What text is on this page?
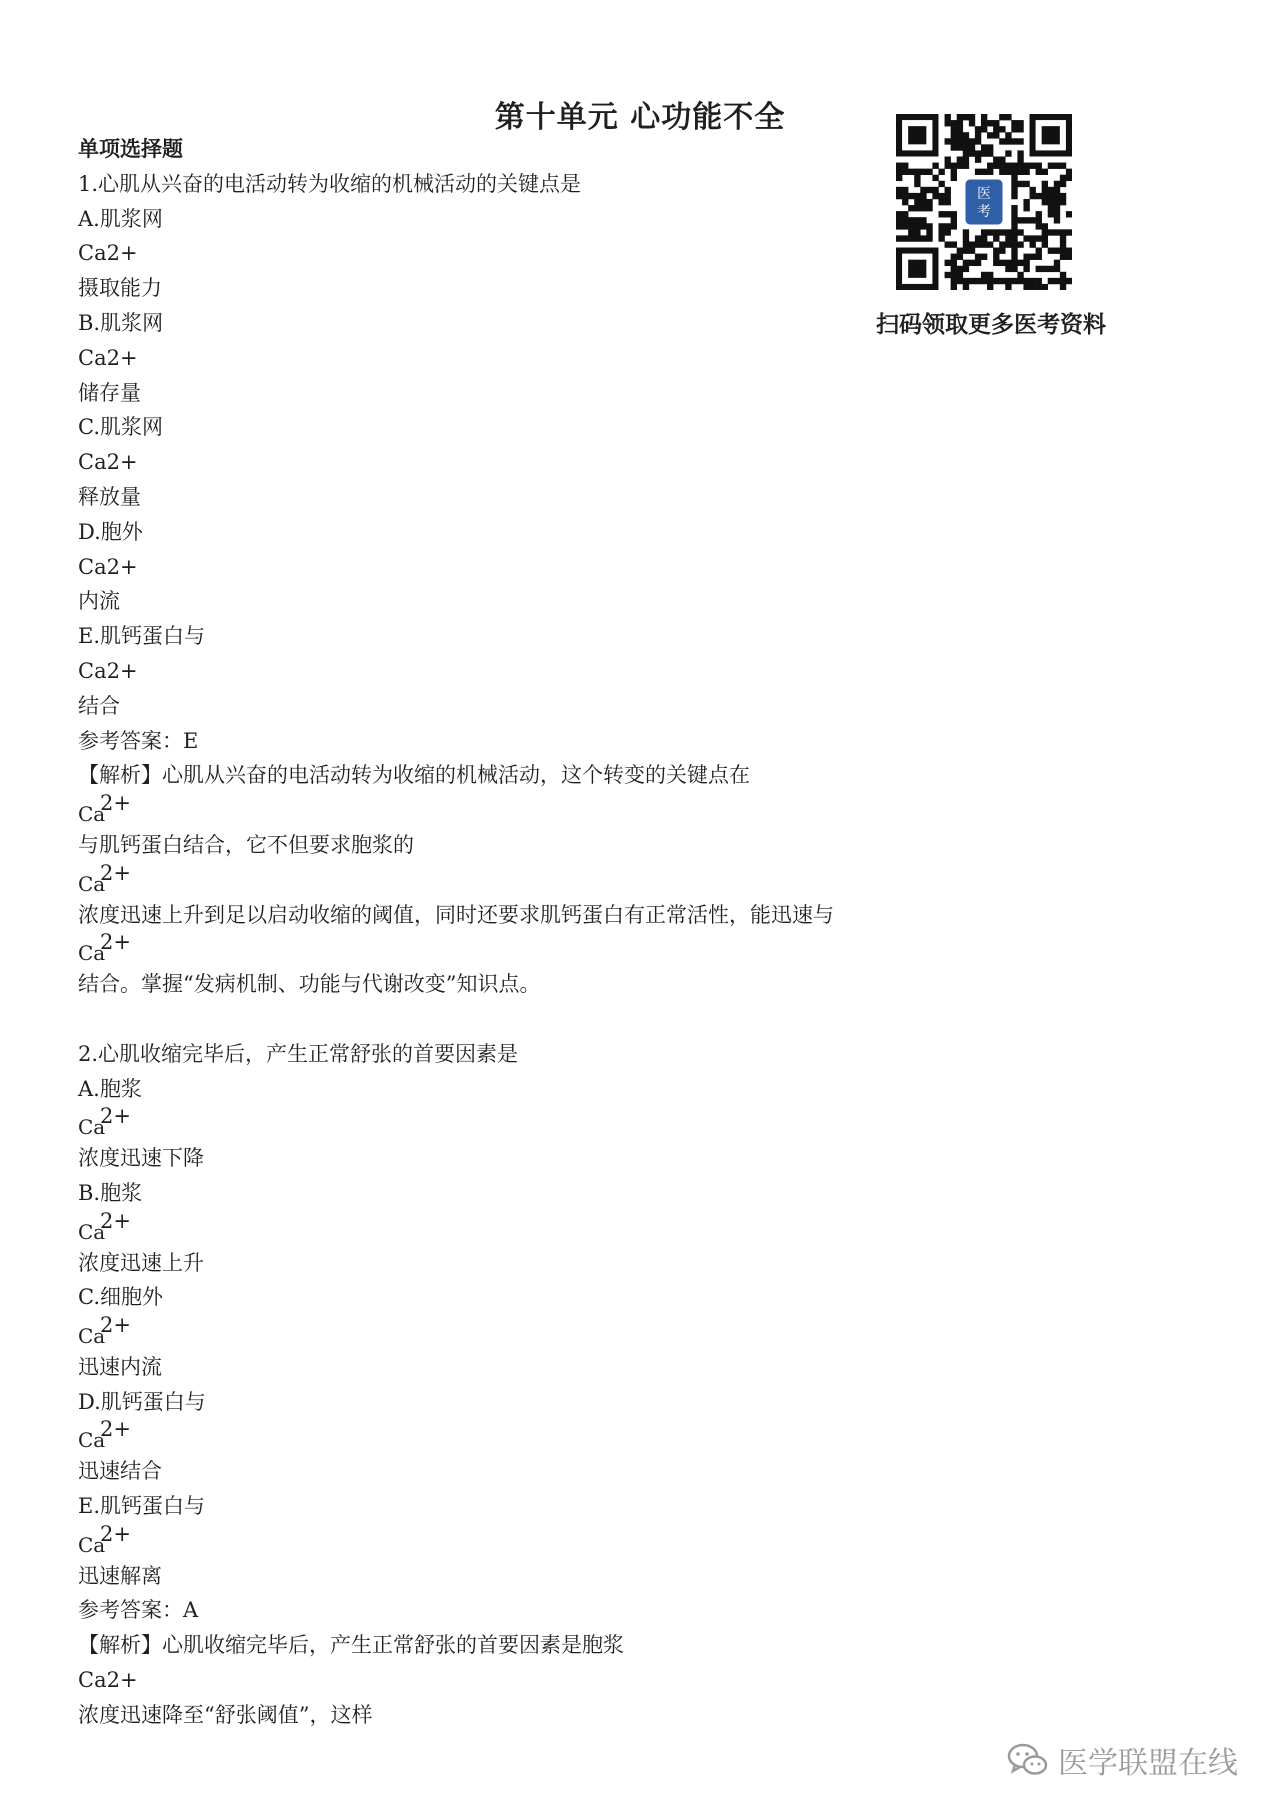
第十单元 心功能不全
医
考
扫码领取更多医考资料
单项选择题
1.心肌从兴奋的电活动转为收缩的机械活动的关键点是
A.肌浆网
Ca2+
摄取能力
B.肌浆网
Ca2+
储存量
C.肌浆网
Ca2+
释放量
D.胞外
Ca2+
内流
E.肌钙蛋白与
Ca2+
结合
参考答案：E
【解析】心肌从兴奋的电活动转为收缩的机械活动，这个转变的关键点在
Ca
2+
与肌钙蛋白结合，它不但要求胞浆的
Ca
2+
浓度迅速上升到足以启动收缩的阈值，同时还要求肌钙蛋白有正常活性，能迅速与
Ca
2+
结合。掌握“发病机制、功能与代谢改变”知识点。
2.心肌收缩完毕后，产生正常舒张的首要因素是
A.胞浆
Ca
2+
浓度迅速下降
B.胞浆
Ca
2+
浓度迅速上升
C.细胞外
Ca
2+
迅速内流
D.肌钙蛋白与
Ca
2+
迅速结合
E.肌钙蛋白与
Ca
2+
迅速解离
参考答案：A
【解析】心肌收缩完毕后，产生正常舒张的首要因素是胞浆
Ca2+
浓度迅速降至“舒张阈值”，这样
医学联盟在线
